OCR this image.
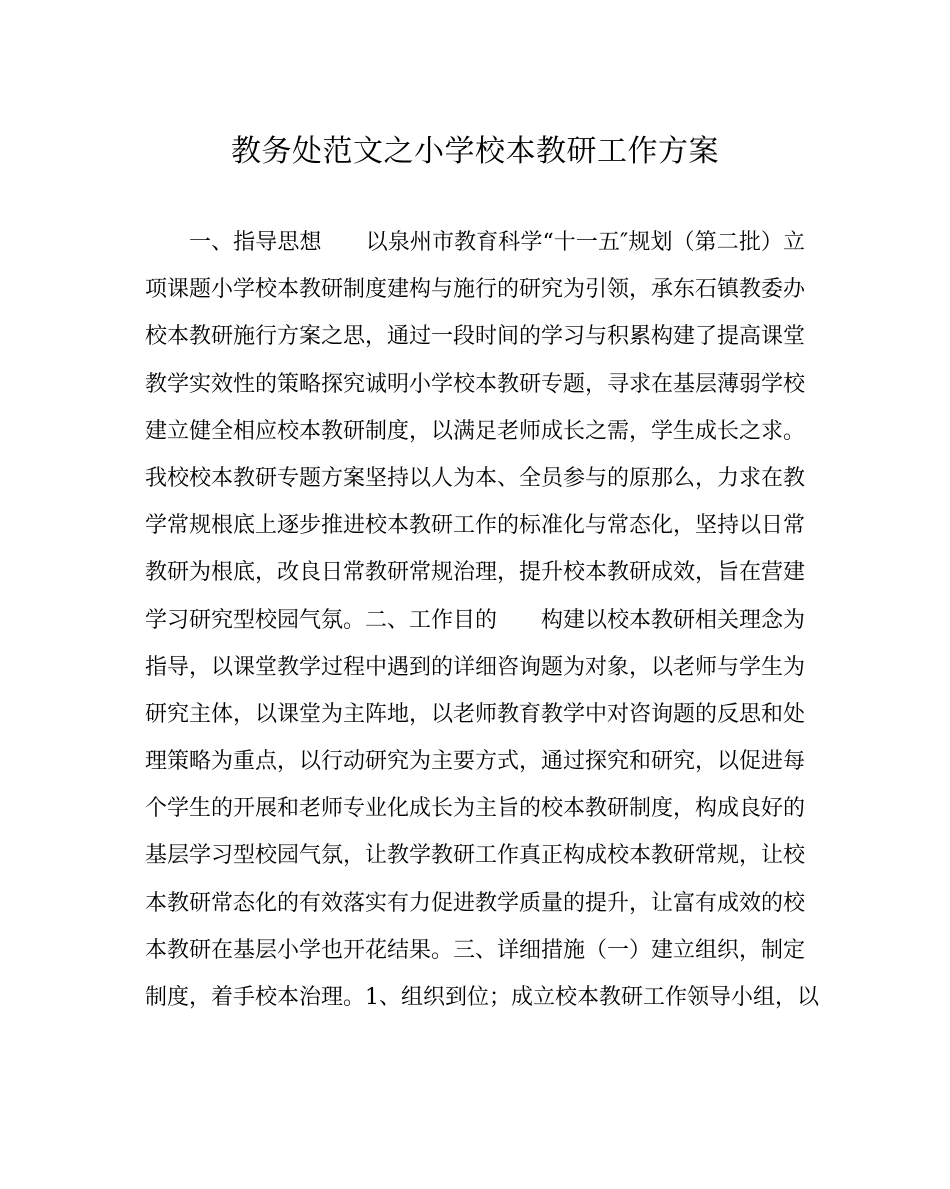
教务处范文之小学校本教研工作方案
一、指导思想　　以泉州市教育科学“十一五″规划（第二批）立
项课题小学校本教研制度建构与施行的研究为引领，承东石镇教委办
校本教研施行方案之思，通过一段时间的学习与积累构建了提高课堂
教学实效性的策略探究诚明小学校本教研专题，寻求在基层薄弱学校
建立健全相应校本教研制度，以满足老师成长之需，学生成长之求。
我校校本教研专题方案坚持以人为本、全员参与的原那么，力求在教
学常规根底上逐步推进校本教研工作的标准化与常态化，坚持以日常
教研为根底，改良日常教研常规治理，提升校本教研成效，旨在营建
学习研究型校园气氛。二、工作目的　　构建以校本教研相关理念为
指导，以课堂教学过程中遇到的详细咨询题为对象，以老师与学生为
研究主体，以课堂为主阵地，以老师教育教学中对咨询题的反思和处
理策略为重点，以行动研究为主要方式，通过探究和研究，以促进每
个学生的开展和老师专业化成长为主旨的校本教研制度，构成良好的
基层学习型校园气氛，让教学教研工作真正构成校本教研常规，让校
本教研常态化的有效落实有力促进教学质量的提升，让富有成效的校
本教研在基层小学也开花结果。三、详细措施（一）建立组织，制定
制度，着手校本治理。1、组织到位；成立校本教研工作领导小组，以
